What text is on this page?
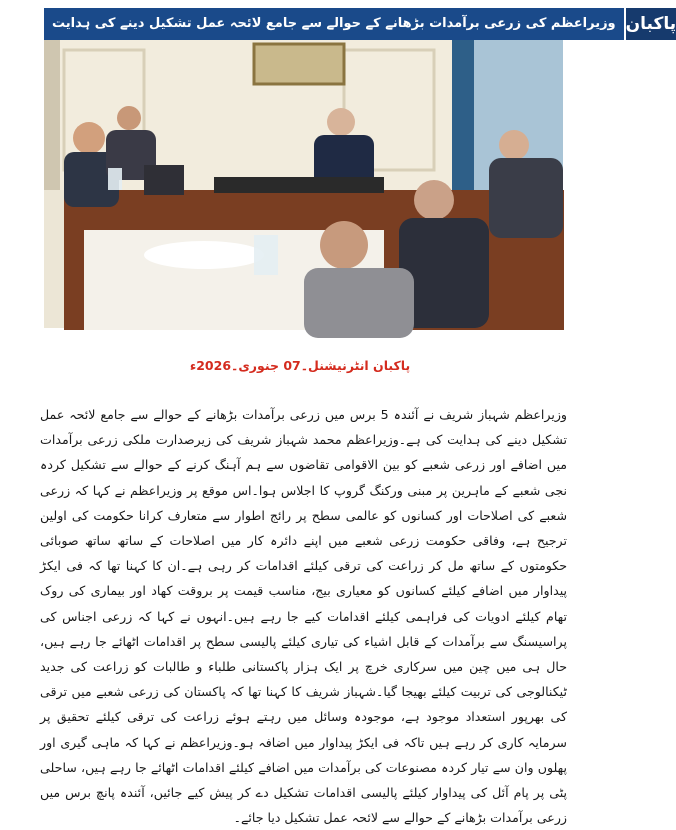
وزیراعظم کی زرعی برآمدات بڑھانے کے حوالے سے جامع لائحہ عمل تشکیل دینے کی ہدایت پاکبان
پاکبان انٹرنیشنل۔07 جنوری۔2026ء
وزیراعظم شہباز شریف نے آئندہ 5 برس میں زرعی برآمدات بڑھانے کے حوالے سے جامع لائحہ عمل تشکیل دینے کی ہدایت کی ہے۔وزیراعظم محمد شہباز شریف کی زیرصدارت ملکی زرعی برآمدات میں اضافے اور زرعی شعبے کو بین الاقوامی تقاضوں سے ہم آہنگ کرنے کے حوالے سے تشکیل کردہ نجی شعبے کے ماہرین پر مبنی ورکنگ گروپ کا اجلاس ہوا۔اس موقع پر وزیراعظم نے کہا کہ زرعی شعبے کی اصلاحات اور کسانوں کو عالمی سطح پر رائج اطوار سے متعارف کرانا حکومت کی اولین ترجیح ہے، وفاقی حکومت زرعی شعبے میں اپنے دائرہ کار میں اصلاحات کے ساتھ ساتھ صوبائی حکومتوں کے ساتھ مل کر زراعت کی ترقی کیلئے اقدامات کر رہی ہے۔ان کا کہنا تھا کہ فی ایکڑ پیداوار میں اضافے کیلئے کسانوں کو معیاری بیج، مناسب قیمت پر بروقت کھاد اور بیماری کی روک تھام کیلئے ادویات کی فراہمی کیلئے اقدامات کیے جا رہے ہیں۔انہوں نے کہا کہ زرعی اجناس کی پراسیسنگ سے برآمدات کے قابل اشیاء کی تیاری کیلئے پالیسی سطح پر اقدامات اٹھائے جا رہے ہیں، حال ہی میں چین میں سرکاری خرچ پر ایک ہزار پاکستانی طلباء و طالبات کو زراعت کی جدید ٹیکنالوجی کی تربیت کیلئے بھیجا گیا۔شہباز شریف کا کہنا تھا کہ پاکستان کی زرعی شعبے میں ترقی کی بھرپور استعداد موجود ہے، موجودہ وسائل میں رہتے ہوئے زراعت کی ترقی کیلئے تحقیق پر سرمایہ کاری کر رہے ہیں تاکہ فی ایکڑ پیداوار میں اضافہ ہو۔وزیراعظم نے کہا کہ ماہی گیری اور پھلوں وان سے تیار کردہ مصنوعات کی برآمدات میں اضافے کیلئے اقدامات اٹھائے جا رہے ہیں، ساحلی پٹی پر پام آئل کی پیداوار کیلئے پالیسی اقدامات تشکیل دے کر پیش کیے جائیں، آئندہ پانچ برس میں زرعی برآمدات بڑھانے کے حوالے سے لائحہ عمل تشکیل دیا جائے۔
